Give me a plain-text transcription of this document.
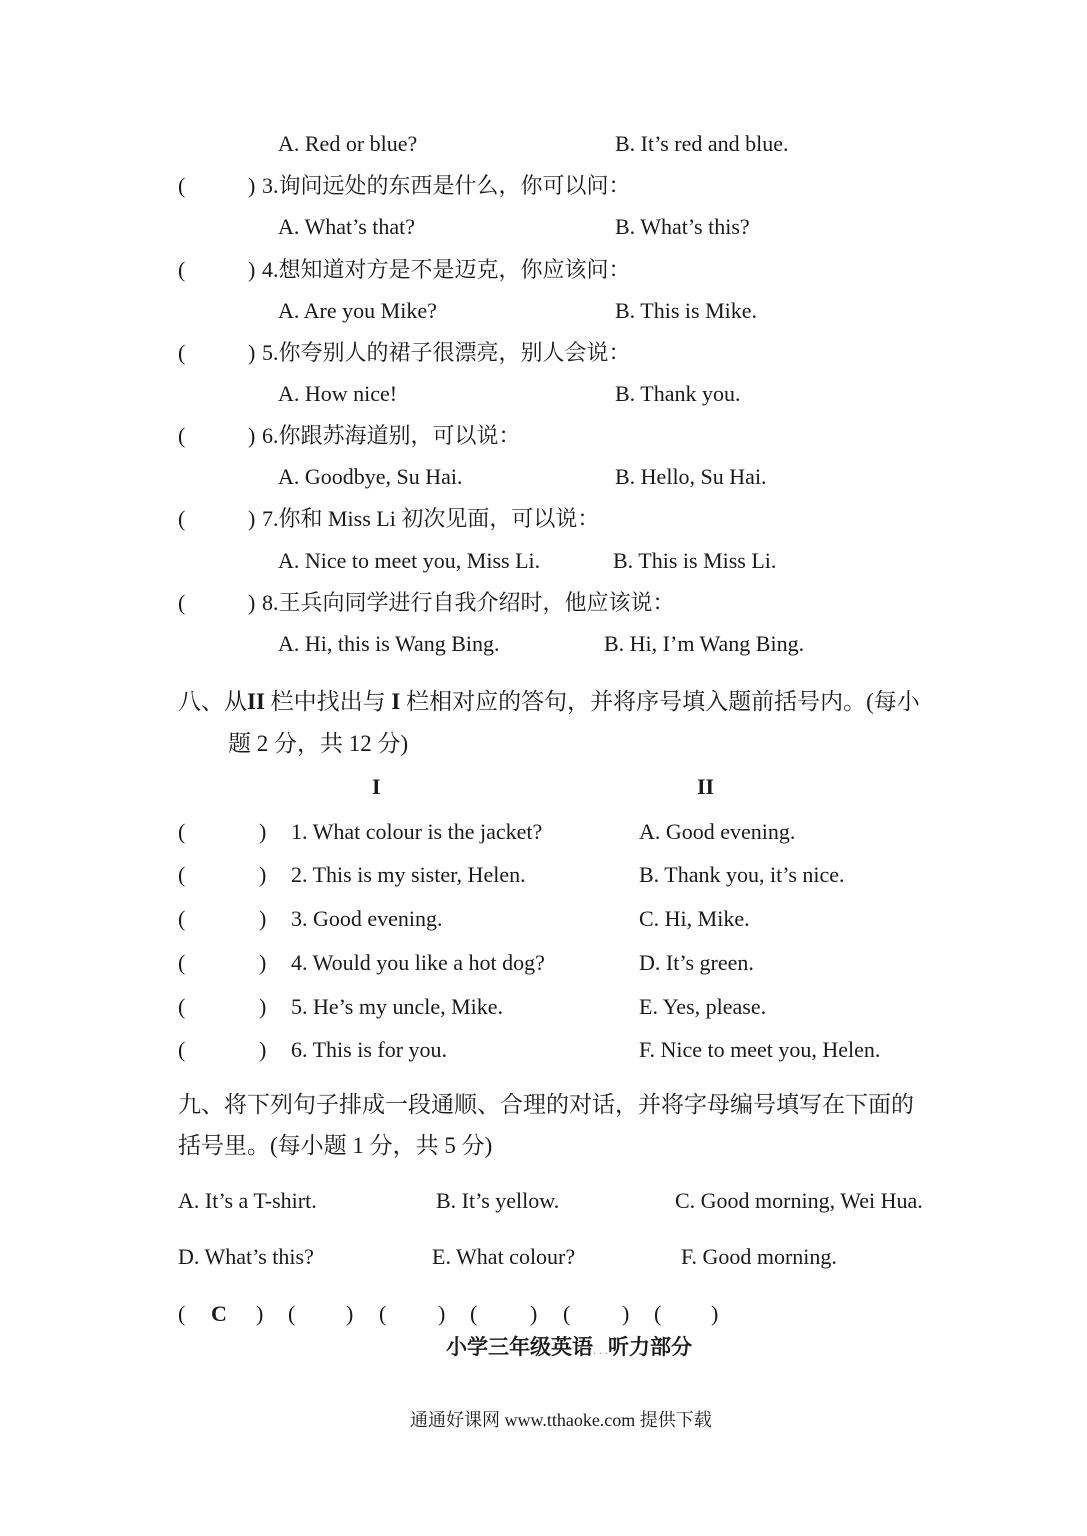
A. Red or blue?	B. It’s red and blue.
(	) 3.询问远处的东西是什么，你可以问：
A. What’s that?	B. What’s this?
(	) 4.想知道对方是不是迈克，你应该问：
A. Are you Mike?	B. This is Mike.
(	) 5.你夸别人的裙子很漂亮，别人会说：
A. How nice!	B. Thank you.
(	) 6.你跟苏海道别，可以说：
A. Goodbye, Su Hai.	B. Hello, Su Hai.
(	) 7.你和 Miss Li 初次见面，可以说：
A. Nice to meet you, Miss Li.	B. This is Miss Li.
(	) 8.王兵向同学进行自我介绍时，他应该说：
A. Hi, this is Wang Bing.	B. Hi, I’m Wang Bing.
八、从II 栏中找出与 I 栏相对应的答句，并将序号填入题前括号内。(每小
题 2 分，共 12 分)
I	II
(	) 1. What colour is the jacket?	A. Good evening.
(	) 2. This is my sister, Helen.	B. Thank you, it’s nice.
(	) 3. Good evening.	C. Hi, Mike.
(	) 4. Would you like a hot dog?	D. It’s green.
(	) 5. He’s my uncle, Mike.	E. Yes, please.
(	) 6. This is for you.	F. Nice to meet you, Helen.
九、将下列句子排成一段通顺、合理的对话，并将字母编号填写在下面的
括号里。(每小题 1 分，共 5 分)
A. It’s a T-shirt.	B. It’s yellow.	C. Good morning, Wei Hua.
D. What’s this?	E. What colour?	F. Good morning.
( C ) ( ) ( ) ( ) ( ) ( )
小学三年级英语. . .听力部分
通通好课网 www.tthaoke.com 提供下载
